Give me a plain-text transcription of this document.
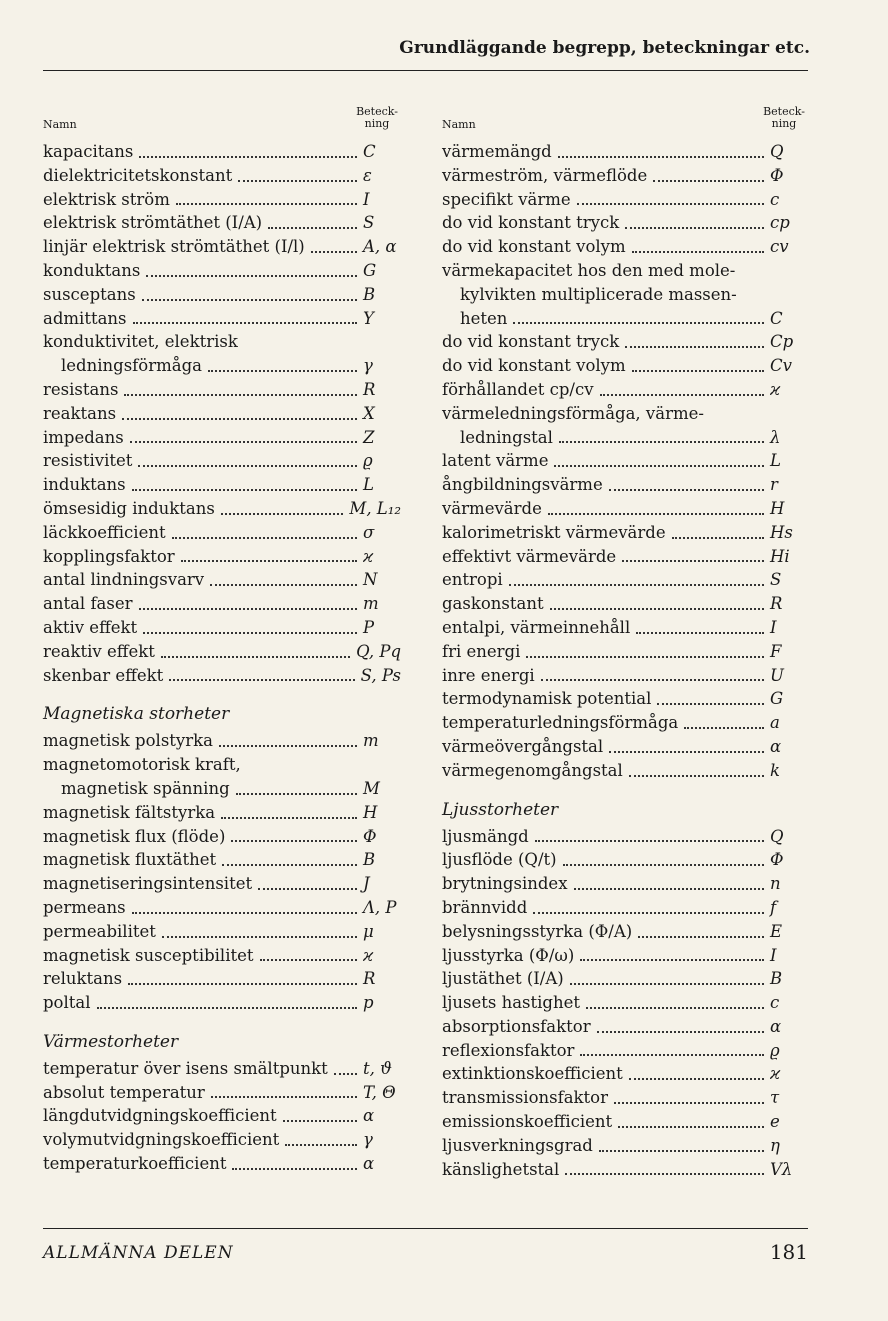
Grundläggande begrepp, beteckningar etc.
Namn
Beteck-
ning
kapacitans	C
dielektricitetskonstant	ε
elektrisk ström	I
elektrisk strömtäthet (I/A)	S
linjär elektrisk strömtäthet (I/l)	A, α
konduktans	G
susceptans	B
admittans	Y
konduktivitet, elektrisk
ledningsförmåga	γ
resistans	R
reaktans	X
impedans	Z
resistivitet	ϱ
induktans	L
ömsesidig induktans	M, L₁₂
läckkoefficient	σ
kopplingsfaktor	ϰ
antal lindningsvarv	N
antal faser	m
aktiv effekt	P
reaktiv effekt	Q, Pq
skenbar effekt	S, Ps
Magnetiska storheter
magnetisk polstyrka	m
magnetomotorisk kraft,
magnetisk spänning	M
magnetisk fältstyrka	H
magnetisk flux (flöde)	Φ
magnetisk fluxtäthet	B
magnetiseringsintensitet	J
permeans	Λ, P
permeabilitet	μ
magnetisk susceptibilitet	ϰ
reluktans	R
poltal	p
Värmestorheter
temperatur över isens smältpunkt t, ϑ
absolut temperatur	T, Θ
längdutvidgningskoefficient	α
volymutvidgningskoefficient	γ
temperaturkoefficient	α
Namn
Beteck-
ning
värmemängd	Q
värmeström, värmeflöde	Φ
specifikt värme	c
do vid konstant tryck	cp
do vid konstant volym	cv
värmekapacitet hos den med mole-
kylvikten multiplicerade massen-
heten	C
do vid konstant tryck	Cp
do vid konstant volym	Cv
förhållandet cp/cv	ϰ
värmeledningsförmåga, värme-
ledningstal	λ
latent värme	L
ångbildningsvärme	r
värmevärde	H
kalorimetriskt värmevärde	Hs
effektivt värmevärde	Hi
entropi	S
gaskonstant	R
entalpi, värmeinnehåll	I
fri energi	F
inre energi	U
termodynamisk potential	G
temperaturledningsförmåga	a
värmeövergångstal	α
värmegenomgångstal	k
Ljusstorheter
ljusmängd	Q
ljusflöde (Q/t)	Φ
brytningsindex	n
brännvidd	f
belysningsstyrka (Φ/A)	E
ljusstyrka (Φ/ω)	I
ljustäthet (I/A)	B
ljusets hastighet	c
absorptionsfaktor	α
reflexionsfaktor	ϱ
extinktionskoefficient	ϰ
transmissionsfaktor	τ
emissionskoefficient	e
ljusverkningsgrad	η
känslighetstal	Vλ
ALLMÄNNA DELEN	181
